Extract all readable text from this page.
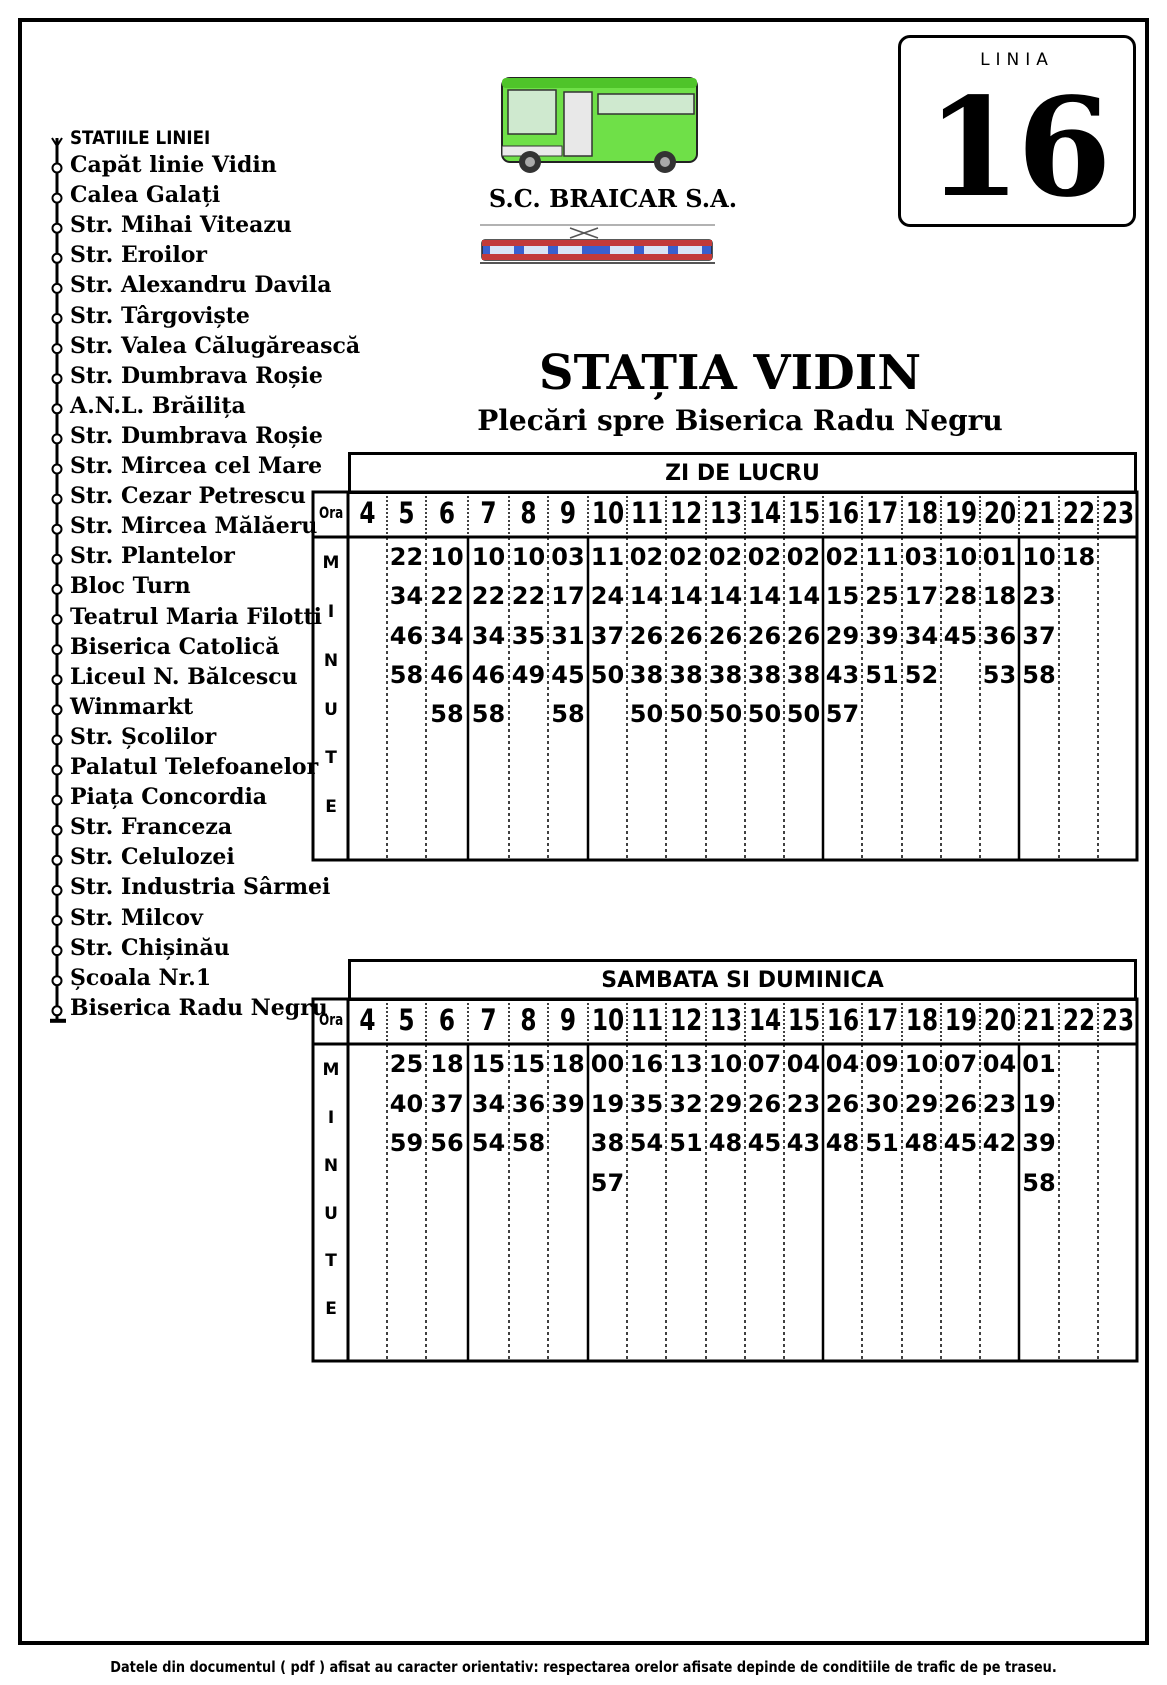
LINIA
16
S.C. BRAICAR S.A.
STAȚIA VIDIN
Plecări spre Biserica Radu Negru
STATIILE LINIEI
Capăt linie Vidin
Calea Galați
Str. Mihai Viteazu
Str. Eroilor
Str. Alexandru Davila
Str. Târgoviște
Str. Valea Călugărească
Str. Dumbrava Roșie
A.N.L. Brăilița
Str. Dumbrava Roșie
Str. Mircea cel Mare
Str. Cezar Petrescu
Str. Mircea Mălăeru
Str. Plantelor
Bloc Turn
Teatrul Maria Filotti
Biserica Catolică
Liceul N. Bălcescu
Winmarkt
Str. Școlilor
Palatul Telefoanelor
Piața Concordia
Str. Franceza
Str. Celulozei
Str. Industria Sârmei
Str. Milcov
Str. Chișinău
Școala Nr.1
Biserica Radu Negru
ZI DE LUCRU
Ora 4 5 6 7 8 9 10 11 12 13 14 15 16 17 18 19 20 21 22 23
M
I
N
U
T
E
22
34
46
58
10
22
34
46
58
10
22
34
46
58
10
22
35
49
03
17
31
45
58
11
24
37
50
02
14
26
38
50
02
14
26
38
50
02
14
26
38
50
02
14
26
38
50
02
14
26
38
50
02
15
29
43
57
11
25
39
51
03
17
34
52
10
28
45
01
18
36
53
10
23
37
58
18
SAMBATA SI DUMINICA
Ora 4 5 6 7 8 9 10 11 12 13 14 15 16 17 18 19 20 21 22 23
M
I
N
U
T
E
25
40
59
18
37
56
15
34
54
15
36
58
18
39
00
19
38
57
16
35
54
13
32
51
10
29
48
07
26
45
04
23
43
04
26
48
09
30
51
10
29
48
07
26
45
04
23
42
01
19
39
58
Datele din documentul ( pdf ) afisat au caracter orientativ: respectarea orelor afisate depinde de conditiile de trafic de pe traseu.
